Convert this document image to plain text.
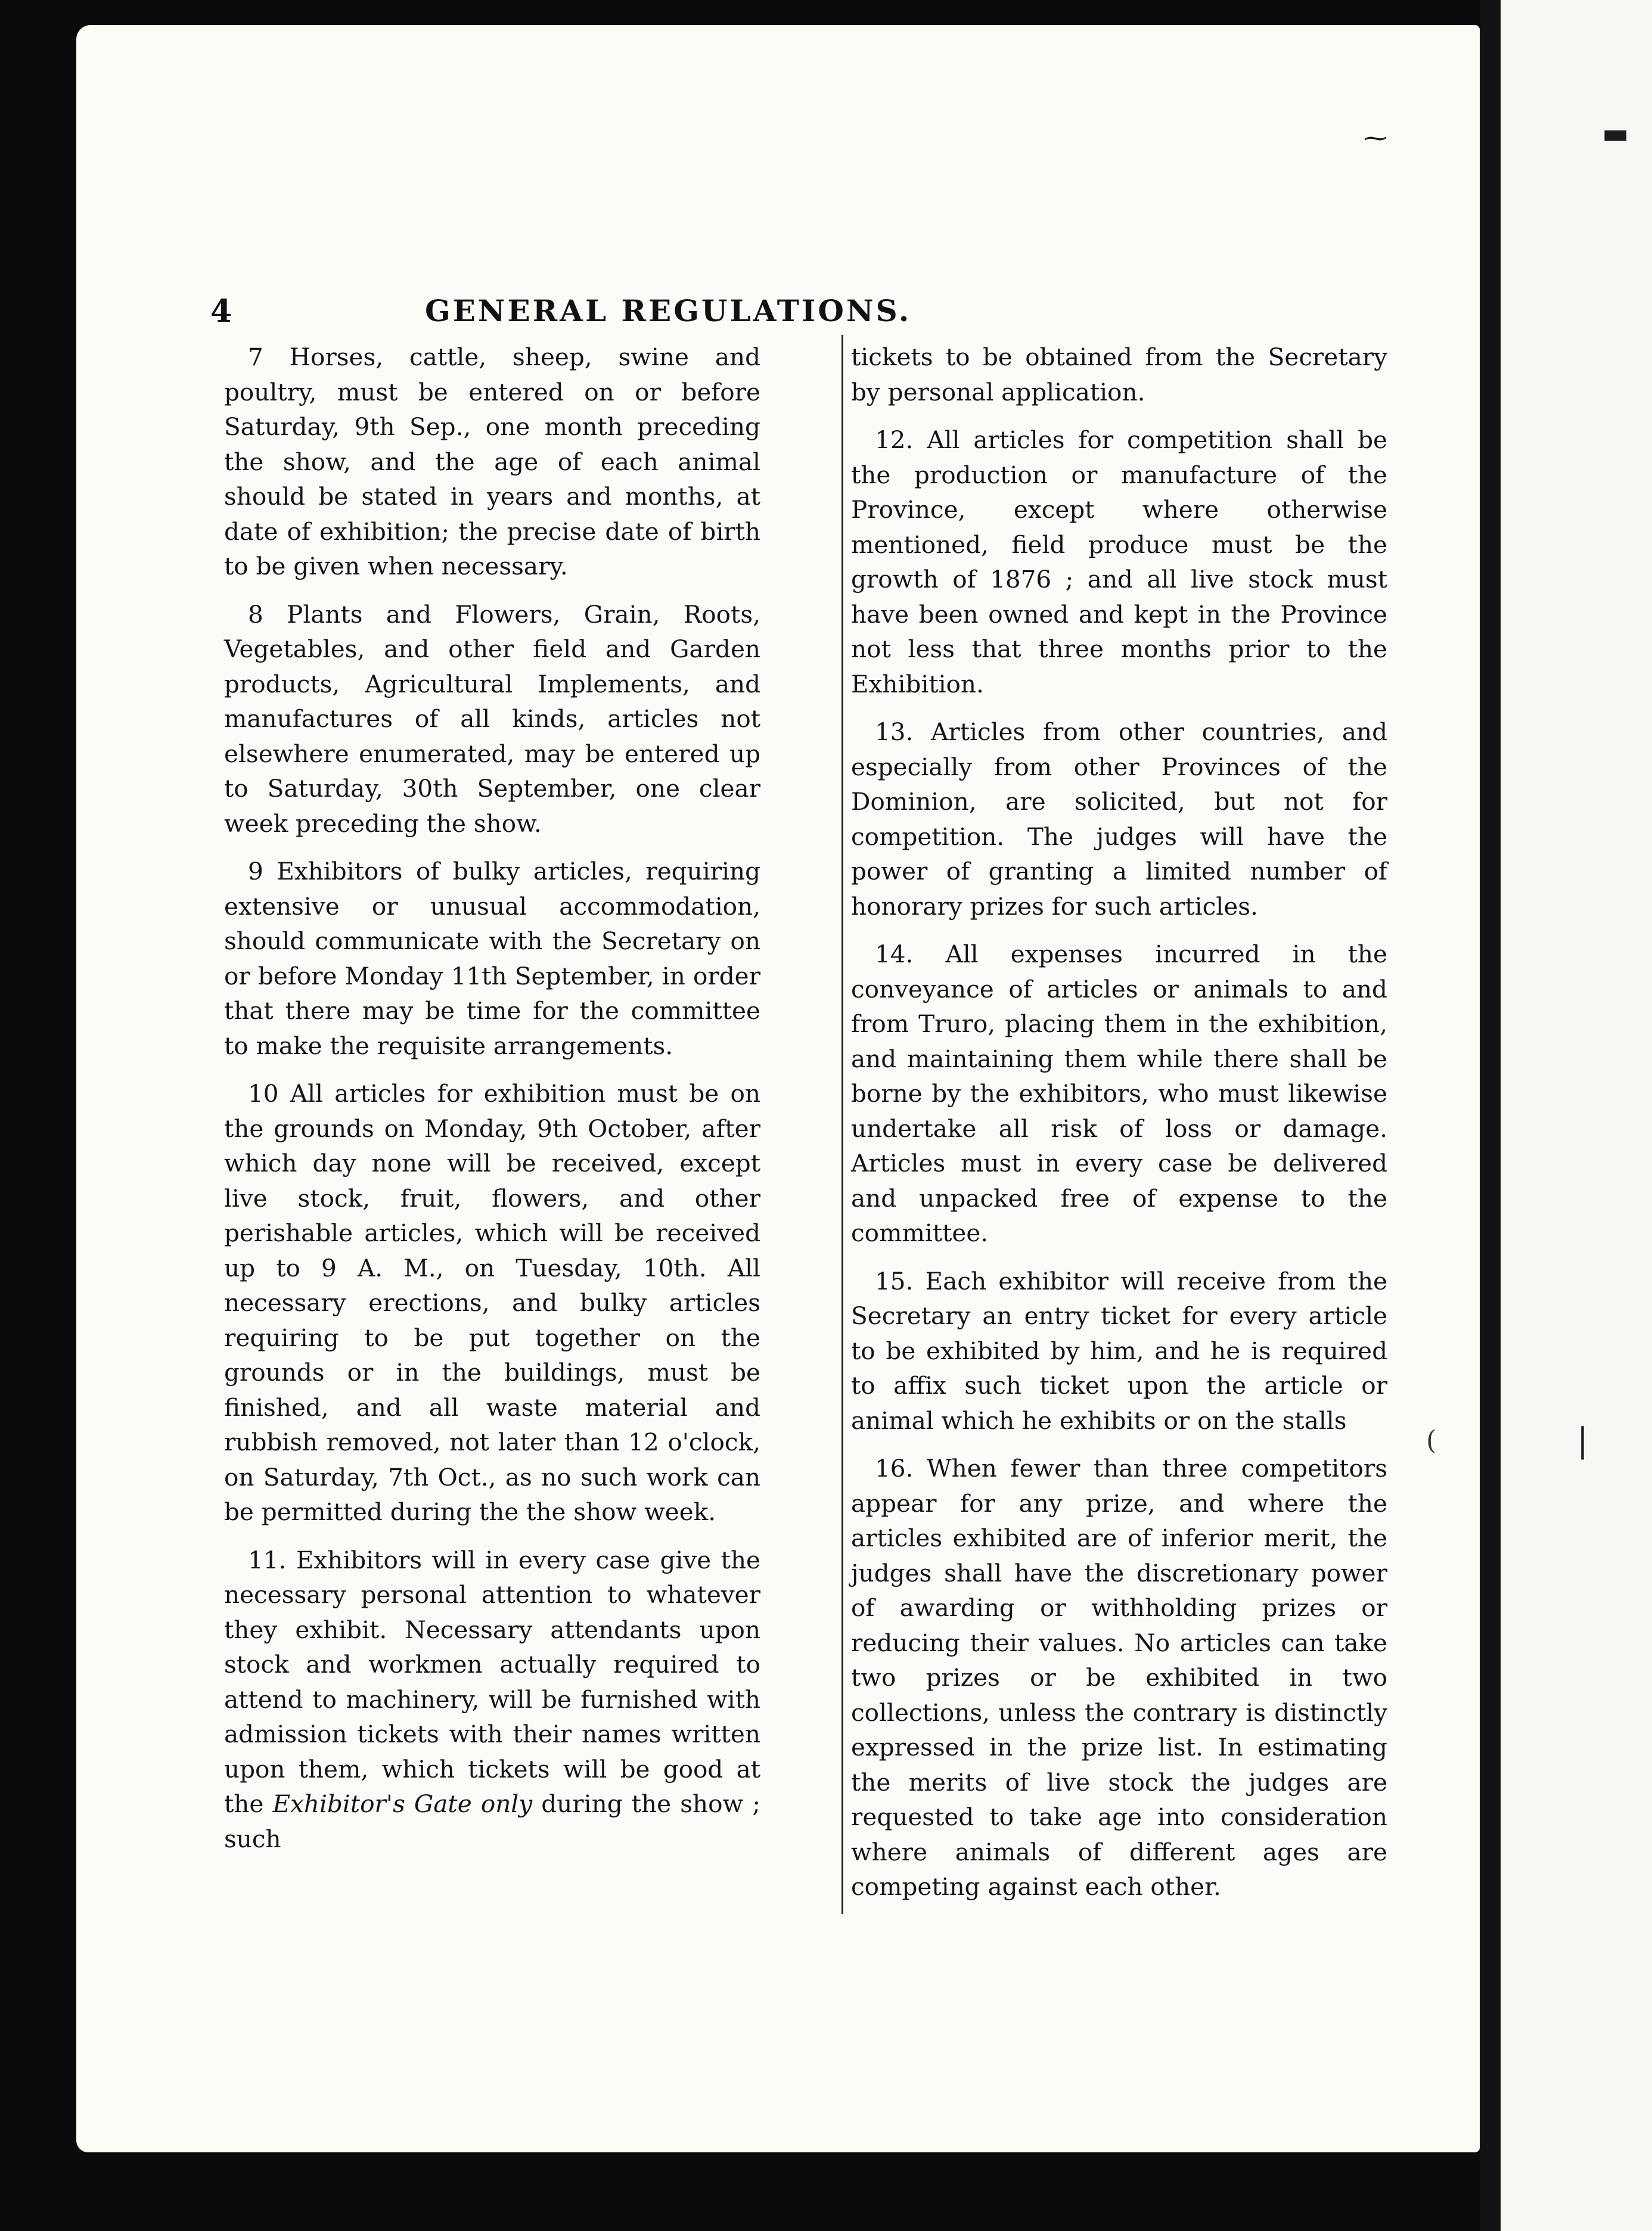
▬
|
⁓
(
4	GENERAL REGULATIONS.

7 Horses, cattle, sheep, swine and poultry, must be entered on or before Saturday, 9th Sep., one month preceding the show, and the age of each animal should be stated in years and months, at date of exhibition; the precise date of birth to be given when necessary.

8 Plants and Flowers, Grain, Roots, Vegetables, and other field and Garden products, Agricultural Implements, and manufactures of all kinds, articles not elsewhere enumerated, may be entered up to Saturday, 30th September, one clear week preceding the show.

9 Exhibitors of bulky articles, requiring extensive or unusual accommodation, should communicate with the Secretary on or before Monday 11th September, in order that there may be time for the committee to make the requisite arrangements.

10 All articles for exhibition must be on the grounds on Monday, 9th October, after which day none will be received, except live stock, fruit, flowers, and other perishable articles, which will be received up to 9 A. M., on Tuesday, 10th. All necessary erections, and bulky articles requiring to be put together on the grounds or in the buildings, must be finished, and all waste material and rubbish removed, not later than 12 o'clock, on Saturday, 7th Oct., as no such work can be permitted during the the show week.

11. Exhibitors will in every case give the necessary personal attention to whatever they exhibit. Necessary attendants upon stock and workmen actually required to attend to machinery, will be furnished with admission tickets with their names written upon them, which tickets will be good at the Exhibitor's Gate only during the show ; such

tickets to be obtained from the Secretary by personal application.

12. All articles for competition shall be the production or manufacture of the Province, except where otherwise mentioned, field produce must be the growth of 1876 ; and all live stock must have been owned and kept in the Province not less that three months prior to the Exhibition.

13. Articles from other countries, and especially from other Provinces of the Dominion, are solicited, but not for competition. The judges will have the power of granting a limited number of honorary prizes for such articles.

14. All expenses incurred in the conveyance of articles or animals to and from Truro, placing them in the exhibition, and maintaining them while there shall be borne by the exhibitors, who must likewise undertake all risk of loss or damage. Articles must in every case be delivered and unpacked free of expense to the committee.

15. Each exhibitor will receive from the Secretary an entry ticket for every article to be exhibited by him, and he is required to affix such ticket upon the article or animal which he exhibits or on the stalls

16. When fewer than three competitors appear for any prize, and where the articles exhibited are of inferior merit, the judges shall have the discretionary power of awarding or withholding prizes or reducing their values. No articles can take two prizes or be exhibited in two collections, unless the contrary is distinctly expressed in the prize list. In estimating the merits of live stock the judges are requested to take age into consideration where animals of different ages are competing against each other.
